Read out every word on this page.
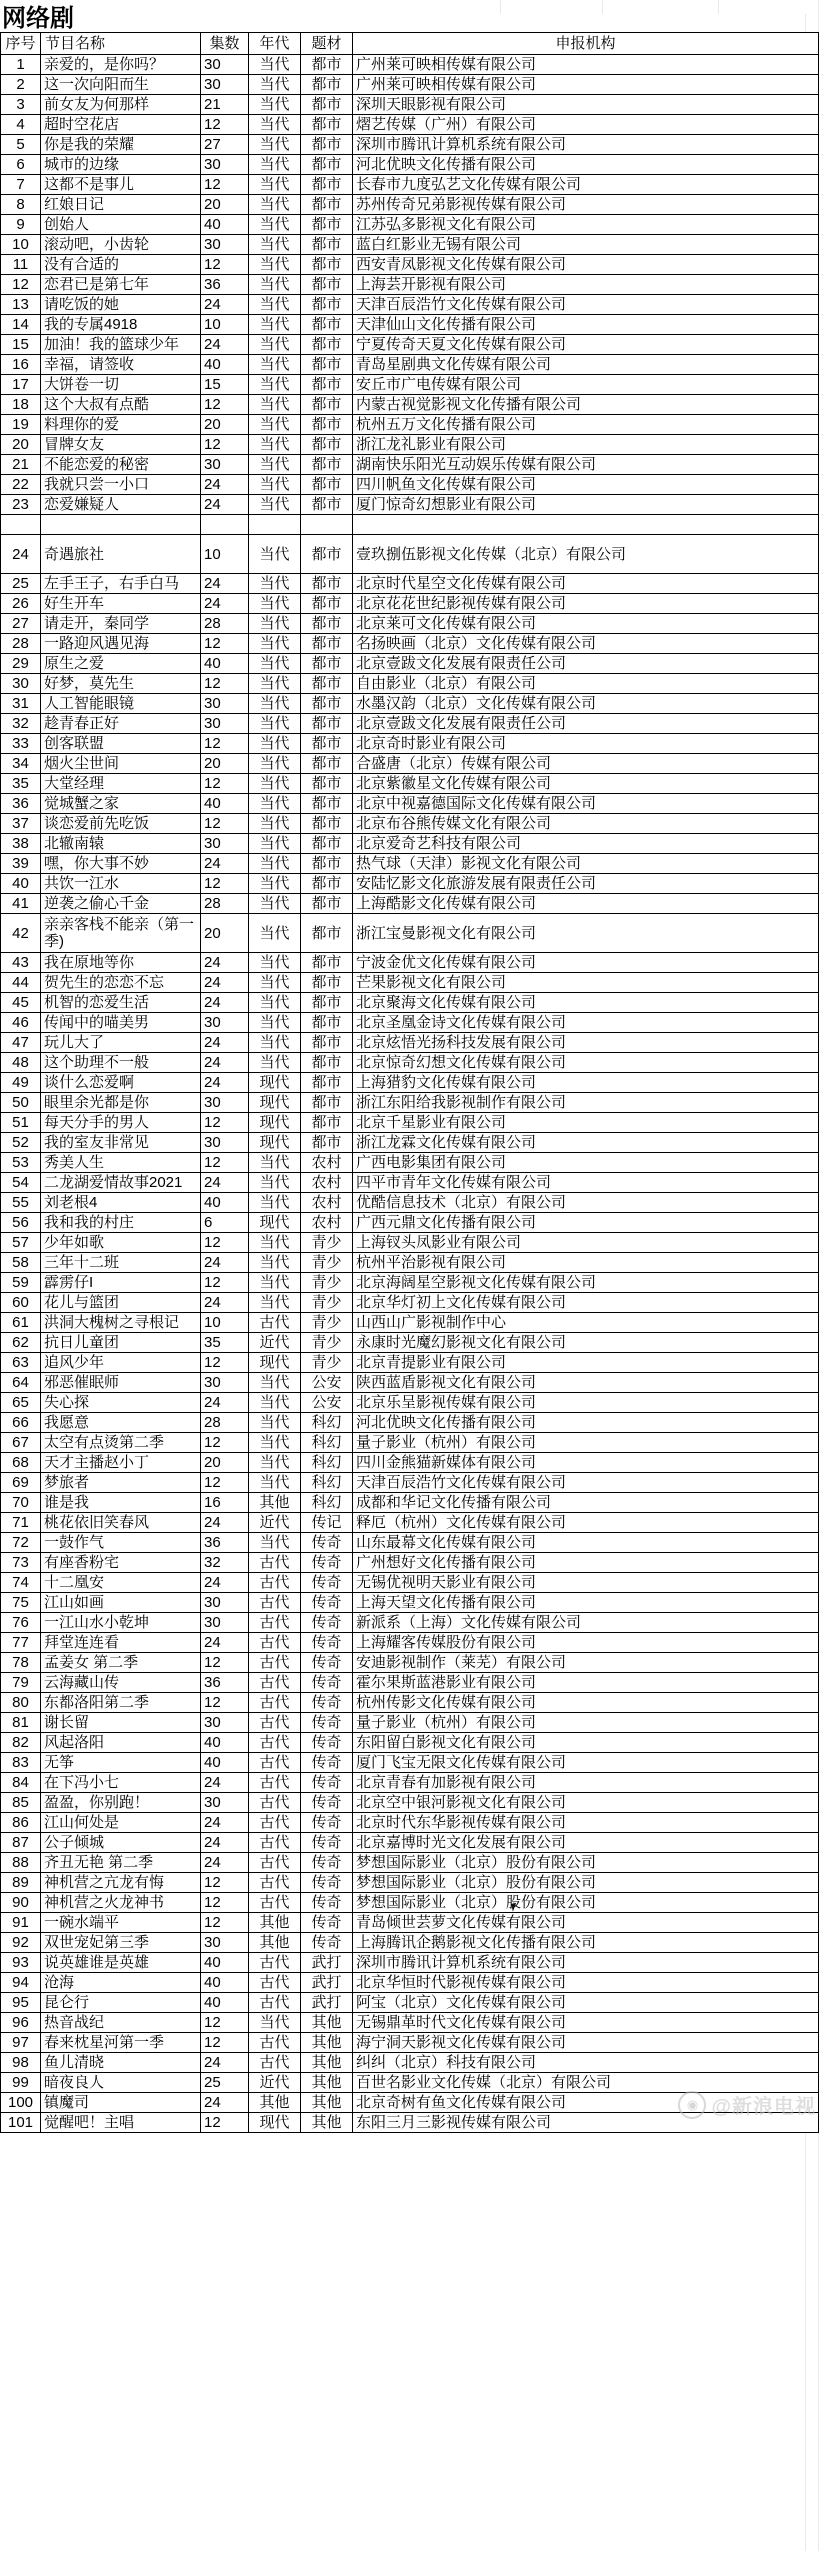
网络剧
序号	节目名称	集数	年代	题材	申报机构
1	亲爱的，是你吗？	30	当代	都市	广州莱可映相传媒有限公司
2	这一次向阳而生	30	当代	都市	广州莱可映相传媒有限公司
3	前女友为何那样	21	当代	都市	深圳天眼影视有限公司
4	超时空花店	12	当代	都市	熠艺传媒（广州）有限公司
5	你是我的荣耀	27	当代	都市	深圳市腾讯计算机系统有限公司
6	城市的边缘	30	当代	都市	河北优映文化传播有限公司
7	这都不是事儿	12	当代	都市	长春市九度弘艺文化传媒有限公司
8	红娘日记	20	当代	都市	苏州传奇兄弟影视传媒有限公司
9	创始人	40	当代	都市	江苏弘多影视文化有限公司
10	滚动吧，小齿轮	30	当代	都市	蓝白红影业无锡有限公司
11	没有合适的	12	当代	都市	西安青凤影视文化传媒有限公司
12	恋君已是第七年	36	当代	都市	上海芸开影视有限公司
13	请吃饭的她	24	当代	都市	天津百辰浩竹文化传媒有限公司
14	我的专属4918	10	当代	都市	天津仙山文化传播有限公司
15	加油！我的篮球少年	24	当代	都市	宁夏传奇天夏文化传媒有限公司
16	幸福，请签收	40	当代	都市	青岛星剧典文化传媒有限公司
17	大饼卷一切	15	当代	都市	安丘市广电传媒有限公司
18	这个大叔有点酷	12	当代	都市	内蒙古视觉影视文化传播有限公司
19	料理你的爱	20	当代	都市	杭州五万文化传播有限公司
20	冒牌女友	12	当代	都市	浙江龙礼影业有限公司
21	不能恋爱的秘密	30	当代	都市	湖南快乐阳光互动娱乐传媒有限公司
22	我就只尝一小口	24	当代	都市	四川帆鱼文化传媒有限公司
23	恋爱嫌疑人	24	当代	都市	厦门惊奇幻想影业有限公司

24	奇遇旅社	10	当代	都市	壹玖捌伍影视文化传媒（北京）有限公司
25	左手王子，右手白马	24	当代	都市	北京时代星空文化传媒有限公司
26	好生开车	24	当代	都市	北京花花世纪影视传媒有限公司
27	请走开，秦同学	28	当代	都市	北京莱可文化传媒有限公司
28	一路迎风遇见海	12	当代	都市	名扬映画（北京）文化传媒有限公司
29	原生之爱	40	当代	都市	北京壹跋文化发展有限责任公司
30	好梦，莫先生	12	当代	都市	自由影业（北京）有限公司
31	人工智能眼镜	30	当代	都市	水墨汉韵（北京）文化传媒有限公司
32	趁青春正好	30	当代	都市	北京壹跋文化发展有限责任公司
33	创客联盟	12	当代	都市	北京奇时影业有限公司
34	烟火尘世间	20	当代	都市	合盛唐（北京）传媒有限公司
35	大堂经理	12	当代	都市	北京紫徽星文化传媒有限公司
36	觉城蟹之家	40	当代	都市	北京中视嘉德国际文化传媒有限公司
37	谈恋爱前先吃饭	12	当代	都市	北京布谷熊传媒文化有限公司
38	北辙南辕	30	当代	都市	北京爱奇艺科技有限公司
39	嘿，你大事不妙	24	当代	都市	热气球（天津）影视文化有限公司
40	共饮一江水	12	当代	都市	安陆忆影文化旅游发展有限责任公司
41	逆袭之偷心千金	28	当代	都市	上海酷影文化传媒有限公司
42	亲亲客栈不能亲（第一季)	20	当代	都市	浙江宝曼影视文化有限公司
43	我在原地等你	24	当代	都市	宁波金优文化传媒有限公司
44	贺先生的恋恋不忘	24	当代	都市	芒果影视文化有限公司
45	机智的恋爱生活	24	当代	都市	北京聚海文化传媒有限公司
46	传闻中的喵美男	30	当代	都市	北京圣凰金诗文化传媒有限公司
47	玩儿大了	24	当代	都市	北京炫悟光扬科技发展有限公司
48	这个助理不一般	24	当代	都市	北京惊奇幻想文化传媒有限公司
49	谈什么恋爱啊	24	现代	都市	上海猎豹文化传媒有限公司
50	眼里余光都是你	30	现代	都市	浙江东阳给我影视制作有限公司
51	每天分手的男人	12	现代	都市	北京千星影业有限公司
52	我的室友非常见	30	现代	都市	浙江龙霖文化传媒有限公司
53	秀美人生	12	当代	农村	广西电影集团有限公司
54	二龙湖爱情故事2021	24	当代	农村	四平市青年文化传媒有限公司
55	刘老根4	40	当代	农村	优酷信息技术（北京）有限公司
56	我和我的村庄	6	现代	农村	广西元鼎文化传播有限公司
57	少年如歌	12	当代	青少	上海钗头凤影业有限公司
58	三年十二班	24	当代	青少	杭州平治影视有限公司
59	霹雳仔I	12	当代	青少	北京海阔星空影视文化传媒有限公司
60	花儿与篮团	24	当代	青少	北京华灯初上文化传媒有限公司
61	洪洞大槐树之寻根记	10	古代	青少	山西山广影视制作中心
62	抗日儿童团	35	近代	青少	永康时光魔幻影视文化有限公司
63	追风少年	12	现代	青少	北京青提影业有限公司
64	邪恶催眠师	30	当代	公安	陕西蓝盾影视文化有限公司
65	失心探	24	当代	公安	北京乐呈影视传媒有限公司
66	我愿意	28	当代	科幻	河北优映文化传播有限公司
67	太空有点烫第二季	12	当代	科幻	量子影业（杭州）有限公司
68	天才主播赵小丁	20	当代	科幻	四川金熊猫新媒体有限公司
69	梦旅者	12	当代	科幻	天津百辰浩竹文化传媒有限公司
70	谁是我	16	其他	科幻	成都和华记文化传播有限公司
71	桃花依旧笑春风	24	近代	传记	释厄（杭州）文化传媒有限公司
72	一鼓作气	36	当代	传奇	山东最幕文化传媒有限公司
73	有座香粉宅	32	古代	传奇	广州想好文化传播有限公司
74	十二凰安	24	古代	传奇	无锡优视明天影业有限公司
75	江山如画	30	古代	传奇	上海天望文化传播有限公司
76	一江山水小乾坤	30	古代	传奇	新派系（上海）文化传媒有限公司
77	拜堂连连看	24	古代	传奇	上海耀客传媒股份有限公司
78	孟姜女 第二季	12	古代	传奇	安迪影视制作（莱芜）有限公司
79	云海藏山传	36	古代	传奇	霍尔果斯蓝港影业有限公司
80	东都洛阳第二季	12	古代	传奇	杭州传影文化传媒有限公司
81	谢长留	30	古代	传奇	量子影业（杭州）有限公司
82	风起洛阳	40	古代	传奇	东阳留白影视文化有限公司
83	无筝	40	古代	传奇	厦门飞宝无限文化传媒有限公司
84	在下冯小七	24	古代	传奇	北京青春有加影视有限公司
85	盈盈，你别跑！	30	古代	传奇	北京空中银河影视文化有限公司
86	江山何处是	24	古代	传奇	北京时代东华影视传媒有限公司
87	公子倾城	24	古代	传奇	北京嘉博时光文化发展有限公司
88	齐丑无艳 第二季	24	古代	传奇	梦想国际影业（北京）股份有限公司
89	神机营之亢龙有悔	12	古代	传奇	梦想国际影业（北京）股份有限公司
90	神机营之火龙神书	12	古代	传奇	梦想国际影业（北京）股份有限公司
91	一碗水端平	12	其他	传奇	青岛倾世芸萝文化传媒有限公司
92	双世宠妃第三季	30	其他	传奇	上海腾讯企鹅影视文化传播有限公司
93	说英雄谁是英雄	40	古代	武打	深圳市腾讯计算机系统有限公司
94	沧海	40	古代	武打	北京华恒时代影视传媒有限公司
95	昆仑行	40	古代	武打	阿宝（北京）文化传媒有限公司
96	热音战纪	12	当代	其他	无锡鼎革时代文化传媒有限公司
97	春来枕星河第一季	12	古代	其他	海宁洞天影视文化传媒有限公司
98	鱼儿清晓	24	古代	其他	纠纠（北京）科技有限公司
99	暗夜良人	25	近代	其他	百世名影业文化传媒（北京）有限公司
100	镇魔司	24	其他	其他	北京奇树有鱼文化传媒有限公司
101	觉醒吧！主唱	12	现代	其他	东阳三月三影视传媒有限公司
◉ @新浪电视
